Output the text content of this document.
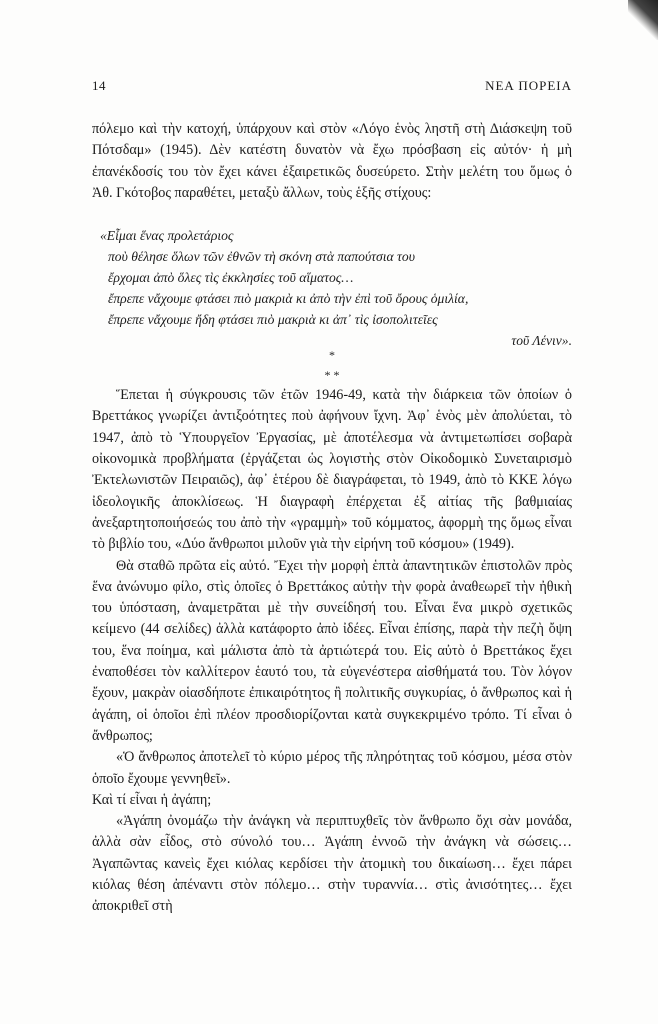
14	ΝΕΑ ΠΟΡΕΙΑ

πόλεμο καὶ τὴν κατοχή, ὑπάρχουν καὶ στὸν «Λόγο ἑνὸς ληστῆ στὴ Διάσκεψη τοῦ Πότσδαμ» (1945). Δὲν κατέστη δυνατὸν νὰ ἔχω πρόσβαση εἰς αὐτόν· ἡ μὴ ἐπανέκδοσίς του τὸν ἔχει κάνει ἐξαιρετικῶς δυσεύρετο. Στὴν μελέτη του ὅμως ὁ Ἀθ. Γκότοβος παραθέτει, μεταξὺ ἄλλων, τοὺς ἑξῆς στίχους:

«Εἶμαι ἕνας προλετάριος
ποὺ θέλησε ὅλων τῶν ἐθνῶν τὴ σκόνη στὰ παπούτσια του
ἔρχομαι ἀπὸ ὅλες τὶς ἐκκλησίες τοῦ αἵματος…
ἔπρεπε νἄχουμε φτάσει πιὸ μακριὰ κι ἀπὸ τὴν ἐπὶ τοῦ ὄρους ὁμιλία,
ἔπρεπε νἄχουμε ἤδη φτάσει πιὸ μακριὰ κι ἀπ᾿ τὶς ἰσοπολιτεῖες
τοῦ Λένιν».
*
* *

Ἕπεται ἡ σύγκρουσις τῶν ἐτῶν 1946-49, κατὰ τὴν διάρκεια τῶν ὁποίων ὁ Βρεττάκος γνωρίζει ἀντιξοότητες ποὺ ἀφήνουν ἴχνη. Ἀφ᾿ ἑνὸς μὲν ἀπολύεται, τὸ 1947, ἀπὸ τὸ Ὑπουργεῖον Ἐργασίας, μὲ ἀποτέλεσμα νὰ ἀντιμετωπίσει σοβαρὰ οἰκονομικὰ προβλήματα (ἐργάζεται ὡς λογιστὴς στὸν Οἰκοδομικὸ Συνεταιρισμὸ Ἐκτελωνιστῶν Πειραιῶς), ἀφ᾿ ἑτέρου δὲ διαγράφεται, τὸ 1949, ἀπὸ τὸ ΚΚΕ λόγω ἰδεολογικῆς ἀποκλίσεως. Ἡ διαγραφὴ ἐπέρχεται ἐξ αἰτίας τῆς βαθμιαίας ἀνεξαρτητοποιήσεώς του ἀπὸ τὴν «γραμμὴ» τοῦ κόμματος, ἀφορμὴ της ὅμως εἶναι τὸ βιβλίο του, «Δύο ἄνθρωποι μιλοῦν γιὰ τὴν εἰρήνη τοῦ κόσμου» (1949).

Θὰ σταθῶ πρῶτα εἰς αὐτό. Ἔχει τὴν μορφὴ ἑπτὰ ἀπαντητικῶν ἐπιστολῶν πρὸς ἕνα ἀνώνυμο φίλο, στὶς ὁποῖες ὁ Βρεττάκος αὐτὴν τὴν φορὰ ἀναθεωρεῖ τὴν ἠθικὴ του ὑπόσταση, ἀναμετρᾶται μὲ τὴν συνείδησή του. Εἶναι ἕνα μικρὸ σχετικῶς κείμενο (44 σελίδες) ἀλλὰ κατάφορτο ἀπὸ ἰδέες. Εἶναι ἐπίσης, παρὰ τὴν πεζὴ ὄψη του, ἕνα ποίημα, καὶ μάλιστα ἀπὸ τὰ ἀρτιώτερά του. Εἰς αὐτὸ ὁ Βρεττάκος ἔχει ἐναποθέσει τὸν καλλίτερον ἑαυτό του, τὰ εὐγενέστερα αἰσθήματά του. Τὸν λόγον ἔχουν, μακρὰν οἱασδήποτε ἐπικαιρότητος ἢ πολιτικῆς συγκυρίας, ὁ ἄνθρωπος καὶ ἡ ἀγάπη, οἱ ὁποῖοι ἐπὶ πλέον προσδιορίζονται κατὰ συγκεκριμένο τρόπο. Τί εἶναι ὁ ἄνθρωπος;

«Ὁ ἄνθρωπος ἀποτελεῖ τὸ κύριο μέρος τῆς πληρότητας τοῦ κόσμου, μέσα στὸν ὁποῖο ἔχουμε γεννηθεῖ».

Καὶ τί εἶναι ἡ ἀγάπη;

«Ἀγάπη ὀνομάζω τὴν ἀνάγκη νὰ περιπτυχθεῖς τὸν ἄνθρωπο ὄχι σὰν μονάδα, ἀλλὰ σὰν εἶδος, στὸ σύνολό του… Ἀγάπη ἐννοῶ τὴν ἀνάγκη νὰ σώσεις… Ἀγαπῶντας κανεὶς ἔχει κιόλας κερδίσει τὴν ἀτομικὴ του δικαίωση… ἔχει πάρει κιόλας θέση ἀπέναντι στὸν πόλεμο… στὴν τυραννία… στὶς ἀνισότητες… ἔχει ἀποκριθεῖ στὴ
